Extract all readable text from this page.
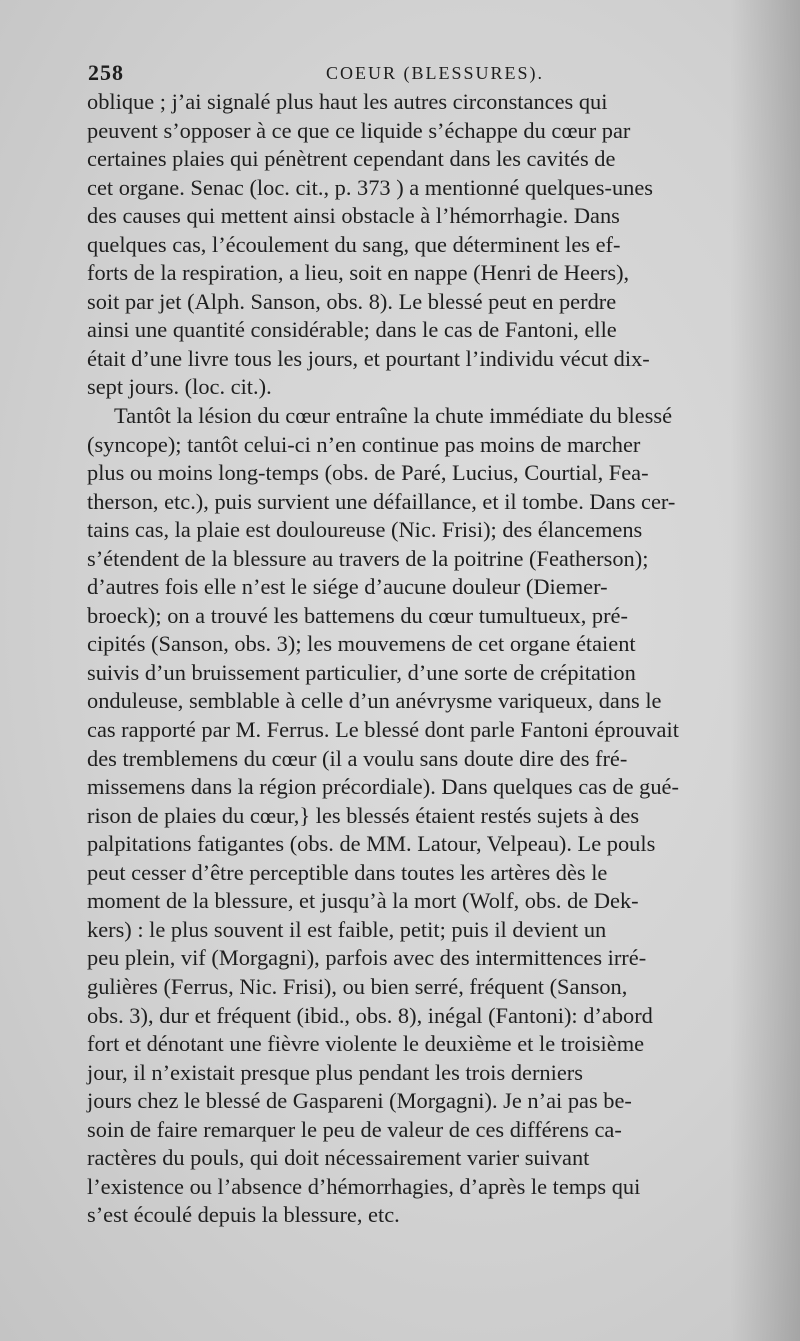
258	COEUR (BLESSURES).

oblique ; j’ai signalé plus haut les autres circonstances qui
peuvent s’opposer à ce que ce liquide s’échappe du cœur par
certaines plaies qui pénètrent cependant dans les cavités de
cet organe. Senac (loc. cit., p. 373 ) a mentionné quelques-unes
des causes qui mettent ainsi obstacle à l’hémorrhagie. Dans
quelques cas, l’écoulement du sang, que déterminent les ef-
forts de la respiration, a lieu, soit en nappe (Henri de Heers),
soit par jet (Alph. Sanson, obs. 8). Le blessé peut en perdre
ainsi une quantité considérable; dans le cas de Fantoni, elle
était d’une livre tous les jours, et pourtant l’individu vécut dix-
sept jours. (loc. cit.).

Tantôt la lésion du cœur entraîne la chute immédiate du blessé
(syncope); tantôt celui-ci n’en continue pas moins de marcher
plus ou moins long-temps (obs. de Paré, Lucius, Courtial, Fea-
therson, etc.), puis survient une défaillance, et il tombe. Dans cer-
tains cas, la plaie est douloureuse (Nic. Frisi); des élancemens
s’étendent de la blessure au travers de la poitrine (Featherson);
d’autres fois elle n’est le siége d’aucune douleur (Diemer-
broeck); on a trouvé les battemens du cœur tumultueux, pré-
cipités (Sanson, obs. 3); les mouvemens de cet organe étaient
suivis d’un bruissement particulier, d’une sorte de crépitation
onduleuse, semblable à celle d’un anévrysme variqueux, dans le
cas rapporté par M. Ferrus. Le blessé dont parle Fantoni éprouvait
des tremblemens du cœur (il a voulu sans doute dire des fré-
missemens dans la région précordiale). Dans quelques cas de gué-
rison de plaies du cœur,} les blessés étaient restés sujets à des
palpitations fatigantes (obs. de MM. Latour, Velpeau). Le pouls
peut cesser d’être perceptible dans toutes les artères dès le
moment de la blessure, et jusqu’à la mort (Wolf, obs. de Dek-
kers) : le plus souvent il est faible, petit; puis il devient un
peu plein, vif (Morgagni), parfois avec des intermittences irré-
gulières (Ferrus, Nic. Frisi), ou bien serré, fréquent (Sanson,
obs. 3), dur et fréquent (ibid., obs. 8), inégal (Fantoni): d’abord
fort et dénotant une fièvre violente le deuxième et le troisième
jour, il n’existait presque plus pendant les trois derniers
jours chez le blessé de Gaspareni (Morgagni). Je n’ai pas be-
soin de faire remarquer le peu de valeur de ces différens ca-
ractères du pouls, qui doit nécessairement varier suivant
l’existence ou l’absence d’hémorrhagies, d’après le temps qui
s’est écoulé depuis la blessure, etc.
